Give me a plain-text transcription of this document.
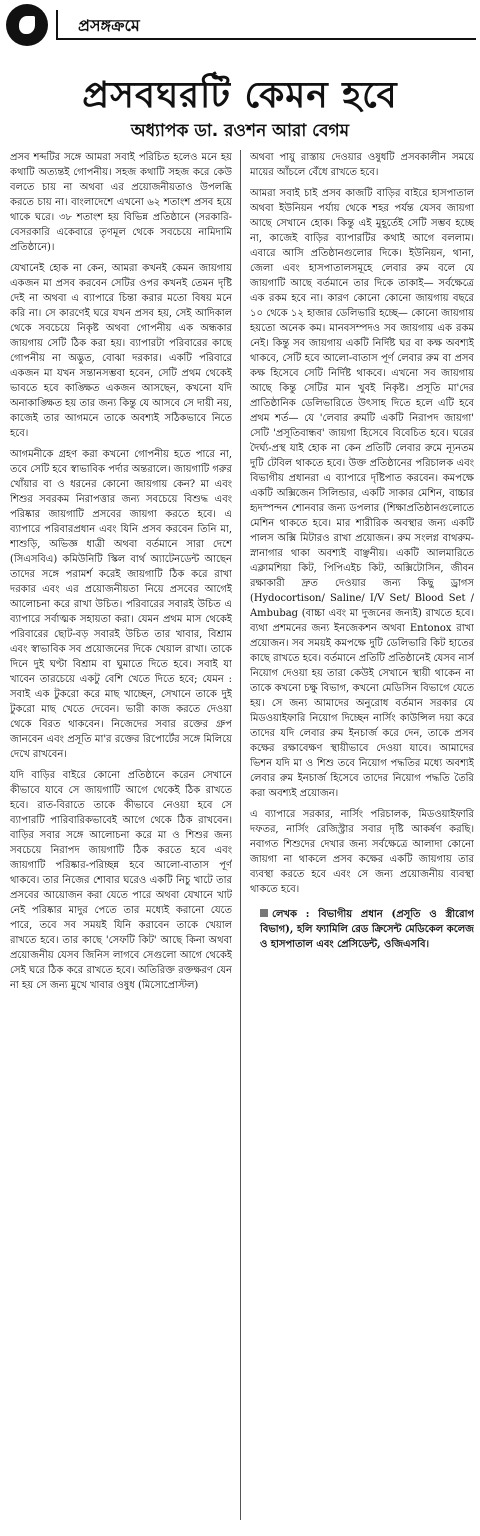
প্রসঙ্গক্রমে
প্রসবঘরটি কেমন হবে
অধ্যাপক ডা. রওশন আরা বেগম

প্রসব শব্দটির সঙ্গে আমরা সবাই পরিচিত হলেও মনে হয় কথাটি অত্যন্তই গোপনীয়। সহজ কথাটি সহজ করে কেউ বলতে চায় না অথবা এর প্রয়োজনীয়তাও উপলব্ধি করতে চায় না। বাংলাদেশে এখনো ৬২ শতাংশ প্রসব হয়ে থাকে ঘরে। ৩৮ শতাংশ হয় বিভিন্ন প্রতিষ্ঠানে (সরকারি-বেসরকারি একেবারে তৃণমূল থেকে সবচেয়ে নামিদামি প্রতিষ্ঠানে)।

যেখানেই হোক না কেন, আমরা কখনই কেমন জায়গায় একজন মা প্রসব করবেন সেটির ওপর কখনই তেমন দৃষ্টি দেই না অথবা এ ব্যাপারে চিন্তা করার মতো বিষয় মনে করি না। সে কারণেই ঘরে যখন প্রসব হয়, সেই আদিকাল থেকে সবচেয়ে নিকৃষ্ট অথবা গোপনীয় এক অন্ধকার জায়গায় সেটি ঠিক করা হয়। ব্যাপারটা পরিবারের কাছে গোপনীয় না অদ্ভুত, বোঝা দরকার। একটি পরিবারে একজন মা যখন সন্তানসম্ভবা হবেন, সেটি প্রথম থেকেই ভাবতে হবে কাঙ্ক্ষিত একজন আসছেন, কখনো যদি অনাকাঙ্ক্ষিত হয় তার জন্য কিন্তু যে আসবে সে দায়ী নয়, কাজেই তার আগমনে তাকে অবশ্যই সঠিকভাবে নিতে হবে।

আগমনীকে গ্রহণ করা কখনো গোপনীয় হতে পারে না, তবে সেটি হবে স্বাভাবিক পর্দার অন্তরালে। জায়গাটি গরুর খোঁয়ার বা ও ধরনের কোনো জায়গায় কেন? মা এবং শিশুর সবরকম নিরাপত্তার জন্য সবচেয়ে বিশুদ্ধ এবং পরিষ্কার জায়গাটি প্রসবের জায়গা করতে হবে। এ ব্যাপারে পরিবারপ্রধান এবং যিনি প্রসব করবেন তিনি মা, শাশুড়ি, অভিজ্ঞ ধাত্রী অথবা বর্তমানে সারা দেশে (সিএসবিএ) কমিউনিটি স্কিল বার্থ অ্যাটেনডেন্ট আছেন তাদের সঙ্গে পরামর্শ করেই জায়গাটি ঠিক করে রাখা দরকার এবং এর প্রয়োজনীয়তা নিয়ে প্রসবের আগেই আলোচনা করে রাখা উচিত। পরিবারের সবারই উচিত এ ব্যাপারে সর্বাত্মক সহায়তা করা। যেমন প্রথম মাস থেকেই পরিবারের ছোট-বড় সবারই উচিত তার খাবার, বিশ্রাম এবং স্বাভাবিক সব প্রয়োজনের দিকে খেয়াল রাখা। তাকে দিনে দুই ঘণ্টা বিশ্রাম বা ঘুমাতে দিতে হবে। সবাই যা খাবেন তারচেয়ে একটু বেশি খেতে দিতে হবে; যেমন : সবাই এক টুকরো করে মাছ খাচ্ছেন, সেখানে তাকে দুই টুকরো মাছ খেতে দেবেন। ভারী কাজ করতে দেওয়া থেকে বিরত থাকবেন। নিজেদের সবার রক্তের গ্রুপ জানবেন এবং প্রসূতি মা'র রক্তের রিপোর্টের সঙ্গে মিলিয়ে দেখে রাখবেন।

যদি বাড়ির বাইরে কোনো প্রতিষ্ঠানে করেন সেখানে কীভাবে যাবে সে জায়গাটি আগে থেকেই ঠিক রাখতে হবে। রাত-বিরাতে তাকে কীভাবে নেওয়া হবে সে ব্যাপারটি পারিবারিকভাবেই আগে থেকে ঠিক রাখবেন। বাড়ির সবার সঙ্গে আলোচনা করে মা ও শিশুর জন্য সবচেয়ে নিরাপদ জায়গাটি ঠিক করতে হবে এবং জায়গাটি পরিষ্কার-পরিচ্ছন্ন হবে আলো-বাতাস পূর্ণ থাকবে। তার নিজের শোবার ঘরেও একটি নিচু খাটে তার প্রসবের আয়োজন করা যেতে পারে অথবা যেখানে খাট নেই পরিষ্কার মাদুর পেতে তার মধ্যেই করানো যেতে পারে, তবে সব সময়ই যিনি করাবেন তাকে খেয়াল রাখতে হবে। তার কাছে 'সেফটি কিট' আছে কিনা অথবা প্রয়োজনীয় যেসব জিনিস লাগবে সেগুলো আগে থেকেই সেই ঘরে ঠিক করে রাখতে হবে। অতিরিক্ত রক্তক্ষরণ যেন না হয় সে জন্য মুখে খাবার ওষুধ (মিসোপ্রোস্টল)

অথবা পায়ু রাস্তায় দেওয়ার ওষুধটি প্রসবকালীন সময়ে মায়ের আঁচলে বেঁধে রাখতে হবে।

আমরা সবাই চাই প্রসব কাজটি বাড়ির বাইরে হাসপাতাল অথবা ইউনিয়ন পর্যায় থেকে শহর পর্যন্ত যেসব জায়গা আছে সেখানে হোক। কিন্তু এই মুহূর্তেই সেটি সম্ভব হচ্ছে না, কাজেই বাড়ির ব্যাপারটির কথাই আগে বললাম। এবারে আসি প্রতিষ্ঠানগুলোর দিকে। ইউনিয়ন, থানা, জেলা এবং হাসপাতালসমূহে লেবার রুম বলে যে জায়গাটি আছে বর্তমানে তার দিকে তাকাই— সর্বক্ষেত্রে এক রকম হবে না। কারণ কোনো কোনো জায়গায় বছরে ১০ থেকে ১২ হাজার ডেলিভারি হচ্ছে— কোনো জায়গায় হয়তো অনেক কম। মানবসম্পদও সব জায়গায় এক রকম নেই। কিন্তু সব জায়গায় একটি নির্দিষ্ট ঘর বা কক্ষ অবশ্যই থাকবে, সেটি হবে আলো-বাতাস পূর্ণ লেবার রুম বা প্রসব কক্ষ হিসেবে সেটি নির্দিষ্ট থাকবে। এখনো সব জায়গায় আছে কিন্তু সেটির মান খুবই নিকৃষ্ট। প্রসূতি মা'দের প্রাতিষ্ঠানিক ডেলিভারিতে উৎসাহ দিতে হলে এটি হবে প্রথম শর্ত— যে 'লেবার রুমটি একটি নিরাপদ জায়গা' সেটি 'প্রসূতিবান্ধব' জায়গা হিসেবে বিবেচিত হবে। ঘরের দৈর্ঘ্য-প্রস্থ যাই হোক না কেন প্রতিটি লেবার রুমে ন্যূনতম দুটি টেবিল থাকতে হবে। উক্ত প্রতিষ্ঠানের পরিচালক এবং বিভাগীয় প্রধানরা এ ব্যাপারে দৃষ্টিপাত করবেন। কমপক্ষে একটি অক্সিজেন সিলিন্ডার, একটি সাকার মেশিন, বাচ্চার হৃদস্পন্দন শোনবার জন্য ডপলার (শিক্ষাপ্রতিষ্ঠানগুলোতে মেশিন থাকতে হবে। মার শারীরিক অবস্থার জন্য একটি পালস অক্সি মিটারও রাখা প্রয়োজন। রুম সংলগ্ন বাথরুম-স্নানাগার থাকা অবশ্যই বাঞ্ছনীয়। একটি আলমারিতে এক্লামশিয়া কিট, পিপিএইচ কিট, অক্সিটোসিন, জীবন রক্ষাকারী দ্রুত দেওয়ার জন্য কিছু ড্রাগস (Hydocortison/ Saline/ I/V Set/ Blood Set / Ambubag (বাচ্চা এবং মা দুজনের জন্যই) রাখতে হবে। ব্যথা প্রশমনের জন্য ইনজেকশন অথবা Entonox রাখা প্রয়োজন। সব সময়ই কমপক্ষে দুটি ডেলিভারি কিট হাতের কাছে রাখতে হবে। বর্তমানে প্রতিটি প্রতিষ্ঠানেই যেসব নার্স নিয়োগ দেওয়া হয় তারা কেউই সেখানে স্থায়ী থাকেন না তাকে কখনো চক্ষু বিভাগ, কখনো মেডিসিন বিভাগে যেতে হয়। সে জন্য আমাদের অনুরোধ বর্তমান সরকার যে মিডওয়াইফারি নিয়োগ দিচ্ছেন নার্সিং কাউন্সিল দয়া করে তাদের যদি লেবার রুম ইনচার্জ করে দেন, তাকে প্রসব কক্ষের রক্ষাবেক্ষণ স্থায়ীভাবে দেওয়া যাবে। আমাদের ভিশন যদি মা ও শিশু তবে নিয়োগ পদ্ধতির মধ্যে অবশ্যই লেবার রুম ইনচার্জ হিসেবে তাদের নিয়োগ পদ্ধতি তৈরি করা অবশ্যই প্রয়োজন।

এ ব্যাপারে সরকার, নার্সিং পরিচালক, মিডওয়াইফারি দফতর, নার্সিং রেজিস্ট্রার সবার দৃষ্টি আকর্ষণ করছি। নবাগত শিশুদের দেখার জন্য সর্বক্ষেত্রে আলাদা কোনো জায়গা না থাকলে প্রসব কক্ষের একটি জায়গায় তার ব্যবস্থা করতে হবে এবং সে জন্য প্রয়োজনীয় ব্যবস্থা থাকতে হবে।

লেখক : বিভাগীয় প্রধান (প্রসূতি ও স্ত্রীরোগ বিভাগ), হলি ফ্যামিলি রেড ক্রিসেন্ট মেডিকেল কলেজ ও হাসপাতাল এবং প্রেসিডেন্ট, ওজিএসবি।
